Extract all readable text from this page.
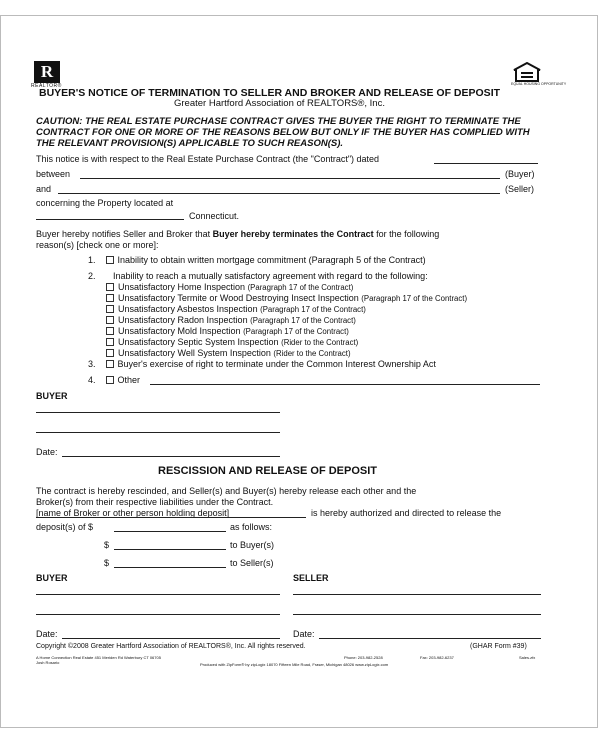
R
REALTOR®	EQUAL HOUSING OPPORTUNITY
BUYER'S NOTICE OF TERMINATION TO SELLER AND BROKER AND RELEASE OF DEPOSIT
Greater Hartford Association of REALTORS®, Inc.
CAUTION: THE REAL ESTATE PURCHASE CONTRACT GIVES THE BUYER THE RIGHT TO TERMINATE THE CONTRACT FOR ONE OR MORE OF THE REASONS BELOW BUT ONLY IF THE BUYER HAS COMPLIED WITH THE RELEVANT PROVISION(S) APPLICABLE TO SUCH REASON(S).
This notice is with respect to the Real Estate Purchase Contract (the "Contract") dated
between	(Buyer)
and	(Seller)
concerning the Property located at
Connecticut.
Buyer hereby notifies Seller and Broker that Buyer hereby terminates the Contract for the following
reason(s) [check one or more]:
1. Inability to obtain written mortgage commitment (Paragraph 5 of the Contract)
2. Inability to reach a mutually satisfactory agreement with regard to the following:
Unsatisfactory Home Inspection (Paragraph 17 of the Contract)
Unsatisfactory Termite or Wood Destroying Insect Inspection (Paragraph 17 of the Contract)
Unsatisfactory Asbestos Inspection (Paragraph 17 of the Contract)
Unsatisfactory Radon Inspection (Paragraph 17 of the Contract)
Unsatisfactory Mold Inspection (Paragraph 17 of the Contract)
Unsatisfactory Septic System Inspection (Rider to the Contract)
Unsatisfactory Well System Inspection (Rider to the Contract)
3. Buyer's exercise of right to terminate under the Common Interest Ownership Act
4. Other
BUYER
Date:
RESCISSION AND RELEASE OF DEPOSIT
The contract is hereby rescinded, and Seller(s) and Buyer(s) hereby release each other and the
Broker(s) from their respective liabilities under the Contract.
[name of Broker or other person holding deposit]	is hereby authorized and directed to release the
deposit(s) of $	as follows:
$	to Buyer(s)
$	to Seller(s)
BUYER	SELLER
Date:	Date:
Copyright ©2008 Greater Hartford Association of REALTORS®, Inc. All rights reserved.	(GHAR Form #39)
A Home Connection Real Estate 451 Meriden Rd Waterbury CT 06705
Josh Rosario
Phone: 203-982-2528	Fax: 203-982-6237	Sales.zfx
Produced with ZipForm® by zipLogix 18070 Fifteen Mile Road, Fraser, Michigan 48026 www.zipLogix.com
